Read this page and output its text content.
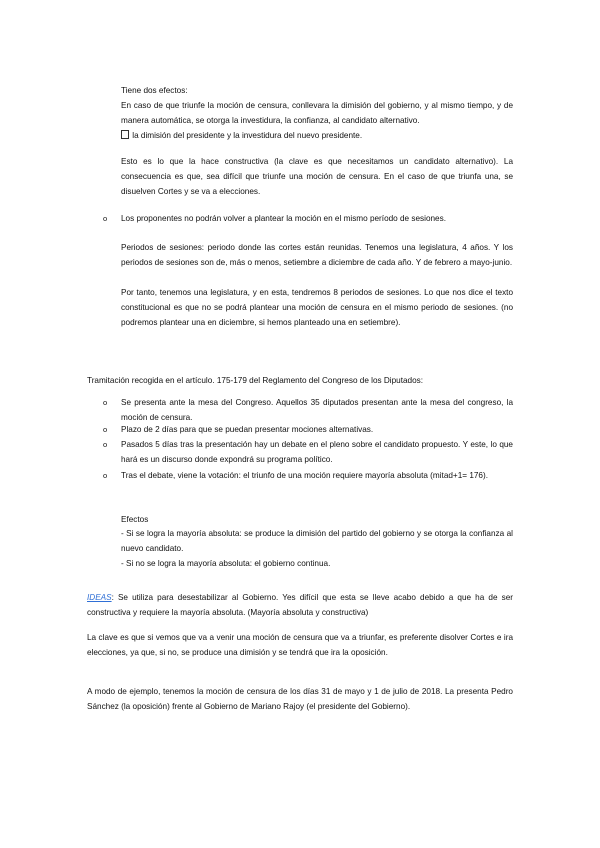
Tiene dos efectos:

En caso de que triunfe la moción de censura, conllevara la dimisión del gobierno, y al mismo tiempo, y de manera automática, se otorga la investidura, la confianza, al candidato alternativo.

la dimisión del presidente y la investidura del nuevo presidente.

Esto es lo que la hace constructiva (la clave es que necesitamos un candidato alternativo). La consecuencia es que, sea difícil que triunfe una moción de censura. En el caso de que triunfa una, se disuelven Cortes y se va a elecciones.

o Los proponentes no podrán volver a plantear la moción en el mismo período de sesiones.

Periodos de sesiones: periodo donde las cortes están reunidas. Tenemos una legislatura, 4 años. Y los periodos de sesiones son de, más o menos, setiembre a diciembre de cada año. Y de febrero a mayo-junio.

Por tanto, tenemos una legislatura, y en esta, tendremos 8 periodos de sesiones. Lo que nos dice el texto constitucional es que no se podrá plantear una moción de censura en el mismo periodo de sesiones. (no podremos plantear una en diciembre, si hemos planteado una en setiembre).

Tramitación recogida en el artículo. 175-179 del Reglamento del Congreso de los Diputados:

o Se presenta ante la mesa del Congreso. Aquellos 35 diputados presentan ante la mesa del congreso, la moción de censura.

o Plazo de 2 días para que se puedan presentar mociones alternativas.

o Pasados 5 días tras la presentación hay un debate en el pleno sobre el candidato propuesto. Y este, lo que hará es un discurso donde expondrá su programa político.

o Tras el debate, viene la votación: el triunfo de una moción requiere mayoría absoluta (mitad+1= 176).

Efectos

- Si se logra la mayoría absoluta: se produce la dimisión del partido del gobierno y se otorga la confianza al nuevo candidato.

- Si no se logra la mayoría absoluta: el gobierno continua.

IDEAS: Se utiliza para desestabilizar al Gobierno. Yes difícil que esta se lleve acabo debido a que ha de ser constructiva y requiere la mayoría absoluta. (Mayoría absoluta y constructiva)

La clave es que si vemos que va a venir una moción de censura que va a triunfar, es preferente disolver Cortes e ira elecciones, ya que, si no, se produce una dimisión y se tendrá que ira la oposición.

A modo de ejemplo, tenemos la moción de censura de los días 31 de mayo y 1 de julio de 2018. La presenta Pedro Sánchez (la oposición) frente al Gobierno de Mariano Rajoy (el presidente del Gobierno).
